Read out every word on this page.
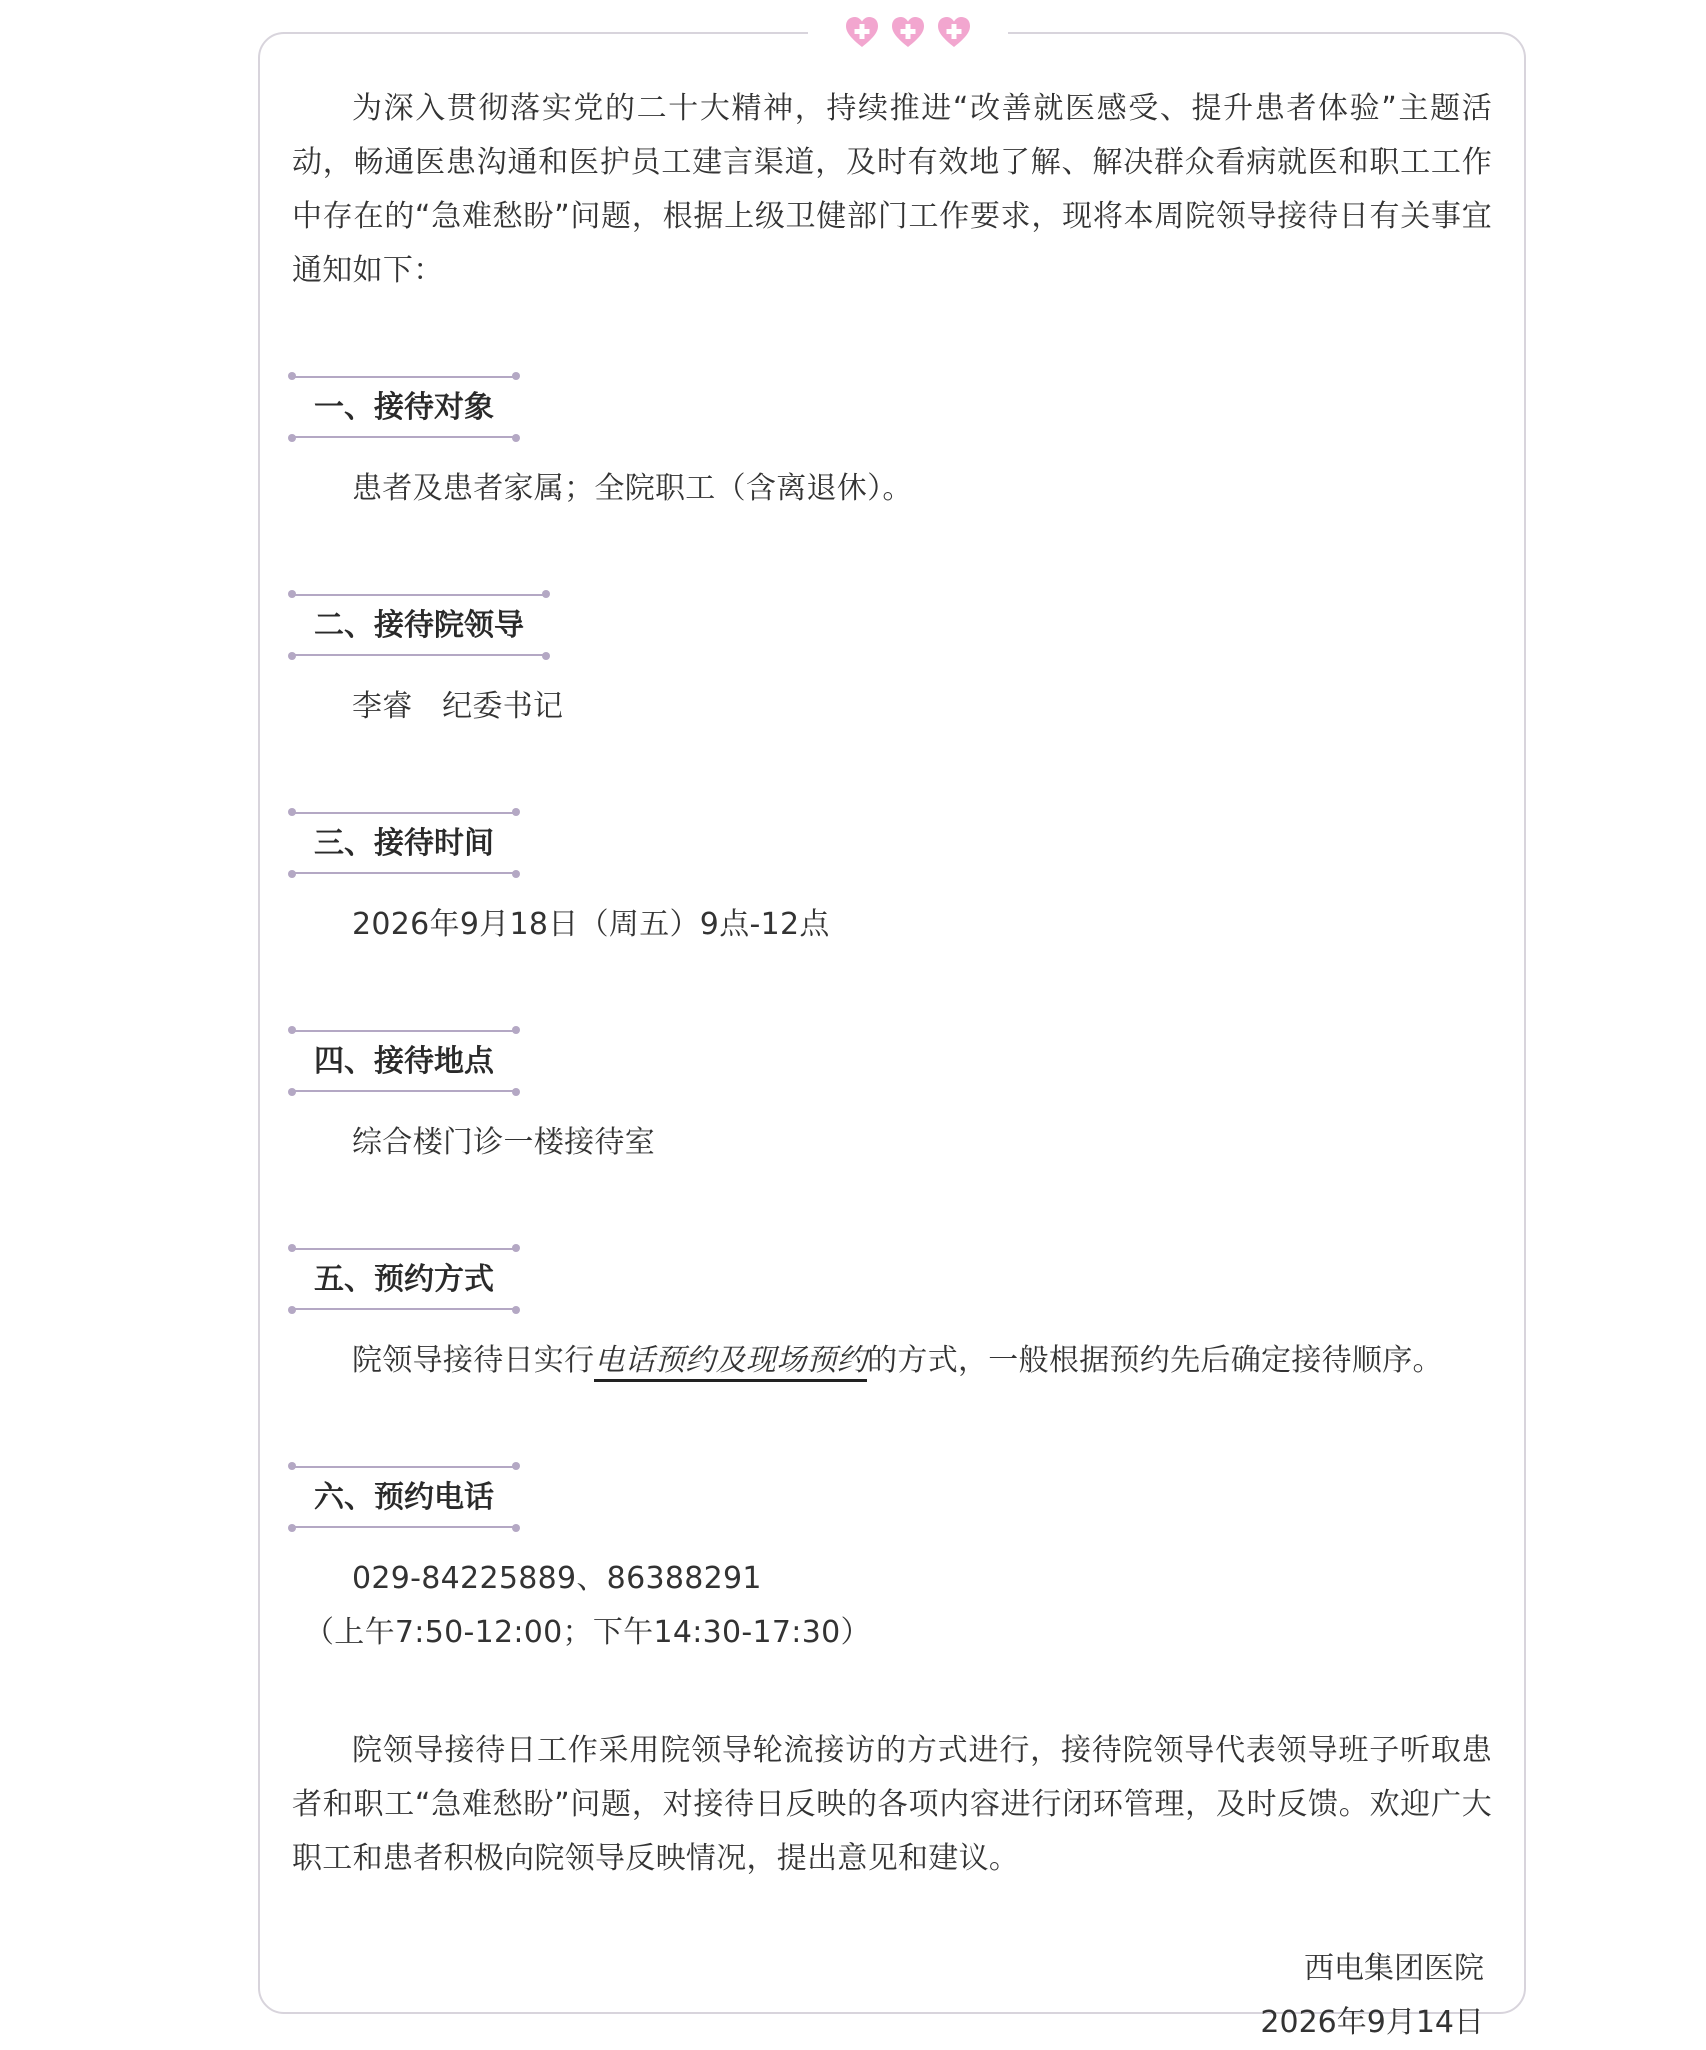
为深入贯彻落实党的二十大精神，持续推进“改善就医感受、提升患者体验”主题活动，畅通医患沟通和医护员工建言渠道，及时有效地了解、解决群众看病就医和职工工作中存在的“急难愁盼”问题，根据上级卫健部门工作要求，现将本周院领导接待日有关事宜通知如下：

一、接待对象

患者及患者家属；全院职工（含离退休）。

二、接待院领导

李睿   纪委书记

三、接待时间

2026年9月18日（周五）9点-12点

四、接待地点

综合楼门诊一楼接待室

五、预约方式

院领导接待日实行电话预约及现场预约的方式，一般根据预约先后确定接待顺序。

六、预约电话

029-84225889、86388291

（上午7:50-12:00；下午14:30-17:30）

院领导接待日工作采用院领导轮流接访的方式进行，接待院领导代表领导班子听取患者和职工“急难愁盼”问题，对接待日反映的各项内容进行闭环管理，及时反馈。欢迎广大职工和患者积极向院领导反映情况，提出意见和建议。

西电集团医院
2026年9月14日
